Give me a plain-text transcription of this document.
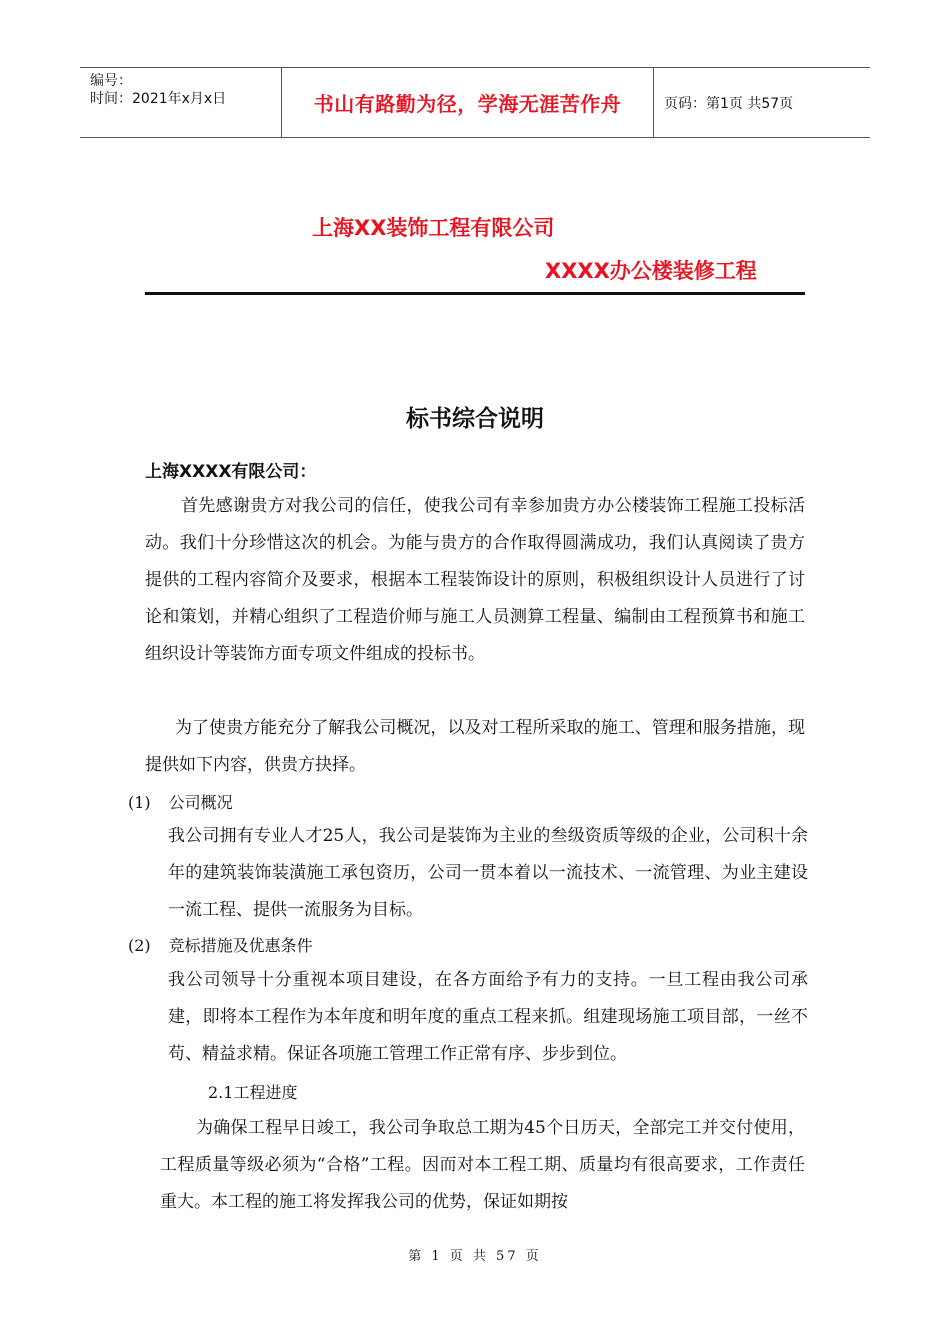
编号：
时间：2021年x月x日	书山有路勤为径，学海无涯苦作舟	页码：第1页 共57页
上海XX装饰工程有限公司
XXXX办公楼装修工程
标书综合说明
上海XXXX有限公司：
首先感谢贵方对我公司的信任，使我公司有幸参加贵方办公楼装饰工程施工投标活动。我们十分珍惜这次的机会。为能与贵方的合作取得圆满成功，我们认真阅读了贵方提供的工程内容简介及要求，根据本工程装饰设计的原则，积极组织设计人员进行了讨论和策划，并精心组织了工程造价师与施工人员测算工程量、编制由工程预算书和施工组织设计等装饰方面专项文件组成的投标书。
为了使贵方能充分了解我公司概况，以及对工程所采取的施工、管理和服务措施，现提供如下内容，供贵方抉择。
(1) 公司概况
我公司拥有专业人才25人，我公司是装饰为主业的叁级资质等级的企业，公司积十余年的建筑装饰装潢施工承包资历，公司一贯本着以一流技术、一流管理、为业主建设一流工程、提供一流服务为目标。
(2) 竞标措施及优惠条件
我公司领导十分重视本项目建设，在各方面给予有力的支持。一旦工程由我公司承建，即将本工程作为本年度和明年度的重点工程来抓。组建现场施工项目部，一丝不苟、精益求精。保证各项施工管理工作正常有序、步步到位。
2.1工程进度
为确保工程早日竣工，我公司争取总工期为45个日历天，全部完工并交付使用，工程质量等级必须为“合格”工程。因而对本工程工期、质量均有很高要求，工作责任重大。本工程的施工将发挥我公司的优势，保证如期按
第 1 页 共 57 页
